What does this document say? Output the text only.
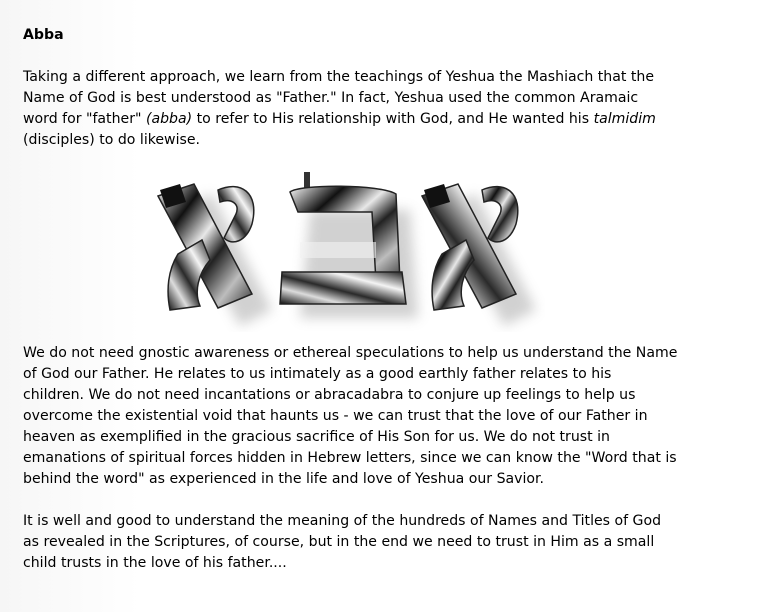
Abba
Taking a different approach, we learn from the teachings of Yeshua the Mashiach that the
Name of God is best understood as "Father." In fact, Yeshua used the common Aramaic
word for "father" (abba) to refer to His relationship with God, and He wanted his talmidim
(disciples) to do likewise.
We do not need gnostic awareness or ethereal speculations to help us understand the Name
of God our Father. He relates to us intimately as a good earthly father relates to his
children. We do not need incantations or abracadabra to conjure up feelings to help us
overcome the existential void that haunts us - we can trust that the love of our Father in
heaven as exemplified in the gracious sacrifice of His Son for us. We do not trust in
emanations of spiritual forces hidden in Hebrew letters, since we can know the "Word that is
behind the word" as experienced in the life and love of Yeshua our Savior.
It is well and good to understand the meaning of the hundreds of Names and Titles of God
as revealed in the Scriptures, of course, but in the end we need to trust in Him as a small
child trusts in the love of his father....
